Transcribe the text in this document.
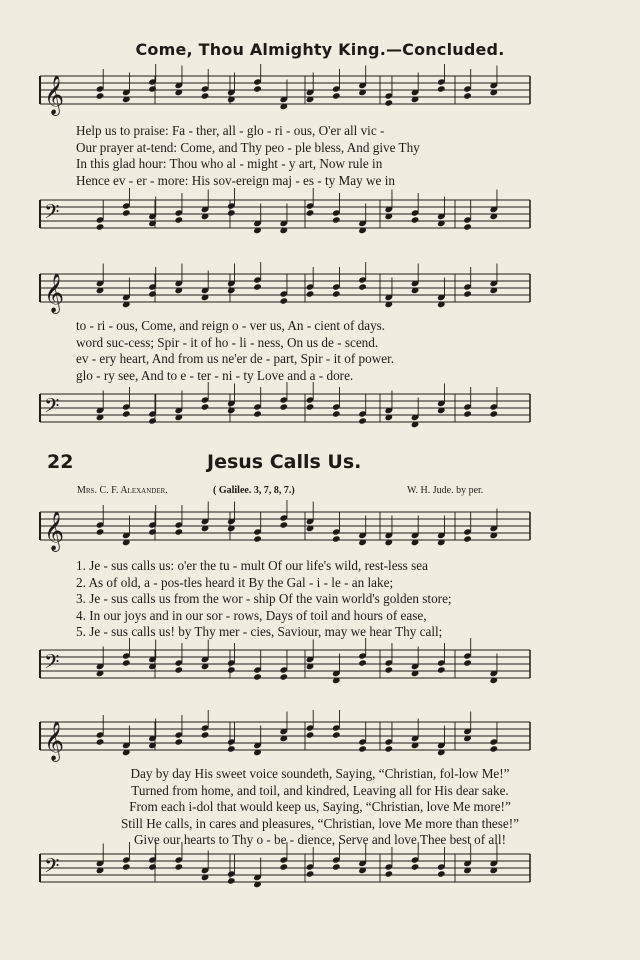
Come, Thou Almighty King.—Concluded.
𝄞
Help us to praise: Fa - ther, all - glo - ri - ous, O'er all vic -
Our prayer at-tend: Come, and Thy peo - ple bless, And give Thy
In this glad hour: Thou who al - might - y art, Now rule in
Hence ev - er - more: His sov-ereign maj - es - ty May we in
𝄢
𝄞
to - ri - ous, Come, and reign o - ver us, An - cient of days.
word suc-cess; Spir - it of ho - li - ness, On us de - scend.
ev - ery heart, And from us ne'er de - part, Spir - it of power.
glo - ry see, And to e - ter - ni - ty Love and a - dore.
𝄢
22	Jesus Calls Us.
Mrs. C. F. Alexander.	( Galilee. 3, 7, 8, 7.)	W. H. Jude. by per.
𝄞
1. Je - sus calls us: o'er the tu - mult Of our life's wild, rest-less sea
2. As of old, a - pos-tles heard it By the Gal - i - le - an lake;
3. Je - sus calls us from the wor - ship Of the vain world's golden store;
4. In our joys and in our sor - rows, Days of toil and hours of ease,
5. Je - sus calls us! by Thy mer - cies, Saviour, may we hear Thy call;
𝄢
𝄞
Day by day His sweet voice soundeth, Saying, “Christian, fol-low Me!”
Turned from home, and toil, and kindred, Leaving all for His dear sake.
From each i-dol that would keep us, Saying, “Christian, love Me more!”
Still He calls, in cares and pleasures, “Christian, love Me more than these!”
Give our hearts to Thy o - be - dience, Serve and love Thee best of all!
𝄢
